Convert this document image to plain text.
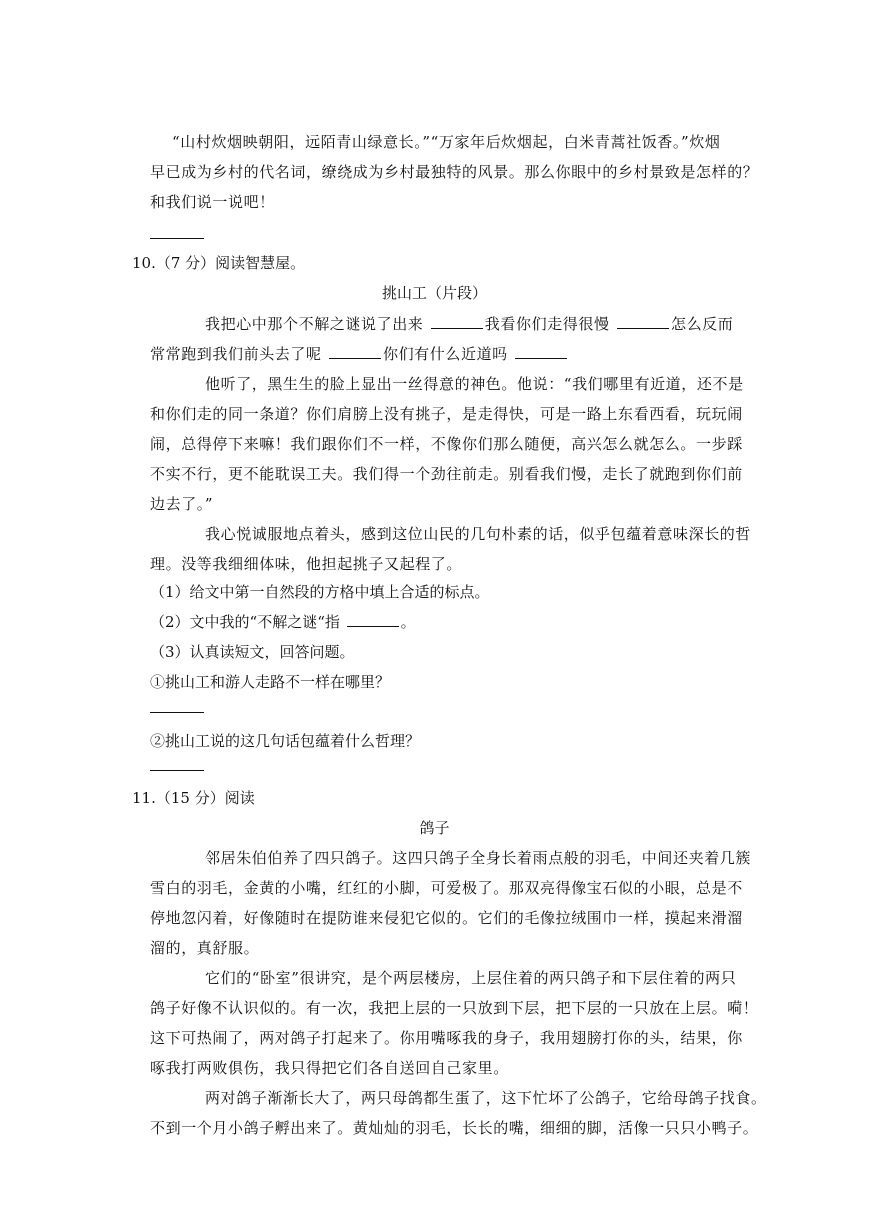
“山村炊烟映朝阳，远陌青山绿意长。”“万家年后炊烟起，白米青蒿社饭香。”炊烟
早已成为乡村的代名词，缭绕成为乡村最独特的风景。那么你眼中的乡村景致是怎样的？
和我们说一说吧！
10.（7 分）阅读智慧屋。
挑山工（片段）
我把心中那个不解之谜说了出来	我看你们走得很慢	怎么反而
常常跑到我们前头去了呢	你们有什么近道吗
他听了，黑生生的脸上显出一丝得意的神色。他说：“我们哪里有近道，还不是
和你们走的同一条道？你们肩膀上没有挑子，是走得快，可是一路上东看西看，玩玩闹
闹，总得停下来嘛！我们跟你们不一样，不像你们那么随便，高兴怎么就怎么。一步踩
不实不行，更不能耽误工夫。我们得一个劲往前走。别看我们慢，走长了就跑到你们前
边去了。”
我心悦诚服地点着头，感到这位山民的几句朴素的话，似乎包蕴着意味深长的哲
理。没等我细细体味，他担起挑子又起程了。
（1）给文中第一自然段的方格中填上合适的标点。
（2）文中我的“不解之谜“指	。
（3）认真读短文，回答问题。
①挑山工和游人走路不一样在哪里？
②挑山工说的这几句话包蕴着什么哲理？
11.（15 分）阅读
鸽子
邻居朱伯伯养了四只鸽子。这四只鸽子全身长着雨点般的羽毛，中间还夹着几簇
雪白的羽毛，金黄的小嘴，红红的小脚，可爱极了。那双亮得像宝石似的小眼，总是不
停地忽闪着，好像随时在提防谁来侵犯它似的。它们的毛像拉绒围巾一样，摸起来滑溜
溜的，真舒服。
它们的“卧室”很讲究，是个两层楼房，上层住着的两只鸽子和下层住着的两只
鸽子好像不认识似的。有一次，我把上层的一只放到下层，把下层的一只放在上层。嗬！
这下可热闹了，两对鸽子打起来了。你用嘴啄我的身子，我用翅膀打你的头，结果，你
啄我打两败俱伤，我只得把它们各自送回自己家里。
两对鸽子渐渐长大了，两只母鸽都生蛋了，这下忙坏了公鸽子，它给母鸽子找食。
不到一个月小鸽子孵出来了。黄灿灿的羽毛，长长的嘴，细细的脚，活像一只只小鸭子。
